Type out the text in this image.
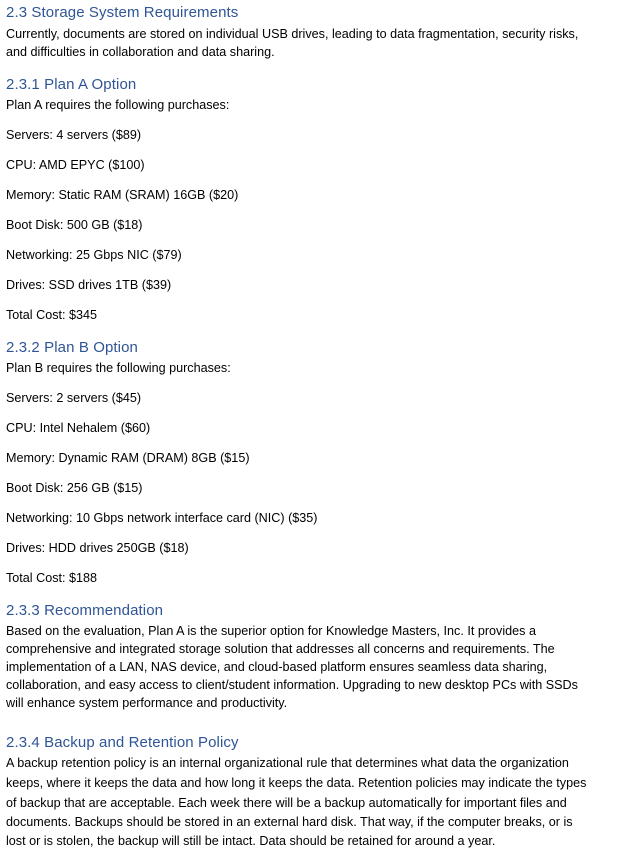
2.3 Storage System Requirements
Currently, documents are stored on individual USB drives, leading to data fragmentation, security risks,
and difficulties in collaboration and data sharing.
2.3.1 Plan A Option
Plan A requires the following purchases:
Servers: 4 servers ($89)
CPU: AMD EPYC ($100)
Memory: Static RAM (SRAM) 16GB ($20)
Boot Disk: 500 GB ($18)
Networking: 25 Gbps NIC ($79)
Drives: SSD drives 1TB ($39)
Total Cost: $345
2.3.2 Plan B Option
Plan B requires the following purchases:
Servers: 2 servers ($45)
CPU: Intel Nehalem ($60)
Memory: Dynamic RAM (DRAM) 8GB ($15)
Boot Disk: 256 GB ($15)
Networking: 10 Gbps network interface card (NIC) ($35)
Drives: HDD drives 250GB ($18)
Total Cost: $188
2.3.3 Recommendation
Based on the evaluation, Plan A is the superior option for Knowledge Masters, Inc. It provides a
comprehensive and integrated storage solution that addresses all concerns and requirements. The
implementation of a LAN, NAS device, and cloud-based platform ensures seamless data sharing,
collaboration, and easy access to client/student information. Upgrading to new desktop PCs with SSDs
will enhance system performance and productivity.
2.3.4 Backup and Retention Policy
A backup retention policy is an internal organizational rule that determines what data the organization
keeps, where it keeps the data and how long it keeps the data. Retention policies may indicate the types
of backup that are acceptable. Each week there will be a backup automatically for important files and
documents. Backups should be stored in an external hard disk. That way, if the computer breaks, or is
lost or is stolen, the backup will still be intact. Data should be retained for around a year.
